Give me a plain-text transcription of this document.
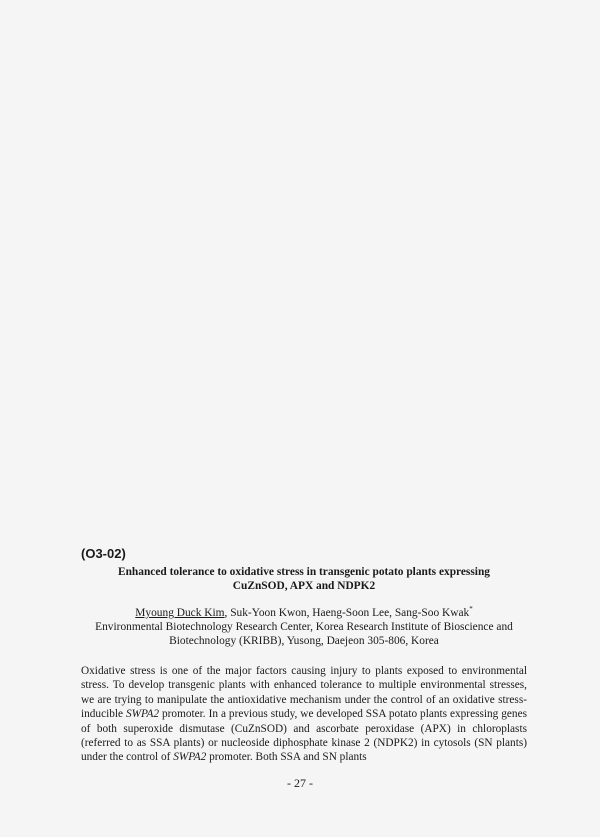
(O3-02)

Enhanced tolerance to oxidative stress in transgenic potato plants expressing
CuZnSOD, APX and NDPK2

Myoung Duck Kim, Suk-Yoon Kwon, Haeng-Soon Lee, Sang-Soo Kwak*

Environmental Biotechnology Research Center, Korea Research Institute of Bioscience and
Biotechnology (KRIBB), Yusong, Daejeon 305-806, Korea

Oxidative stress is one of the major factors causing injury to plants exposed to environmental stress. To develop transgenic plants with enhanced tolerance to multiple environmental stresses, we are trying to manipulate the antioxidative mechanism under the control of an oxidative stress-inducible SWPA2 promoter. In a previous study, we developed SSA potato plants expressing genes of both superoxide dismutase (CuZnSOD) and ascorbate peroxidase (APX) in chloroplasts (referred to as SSA plants) or nucleoside diphosphate kinase 2 (NDPK2) in cytosols (SN plants) under the control of SWPA2 promoter. Both SSA and SN plants

- 27 -
